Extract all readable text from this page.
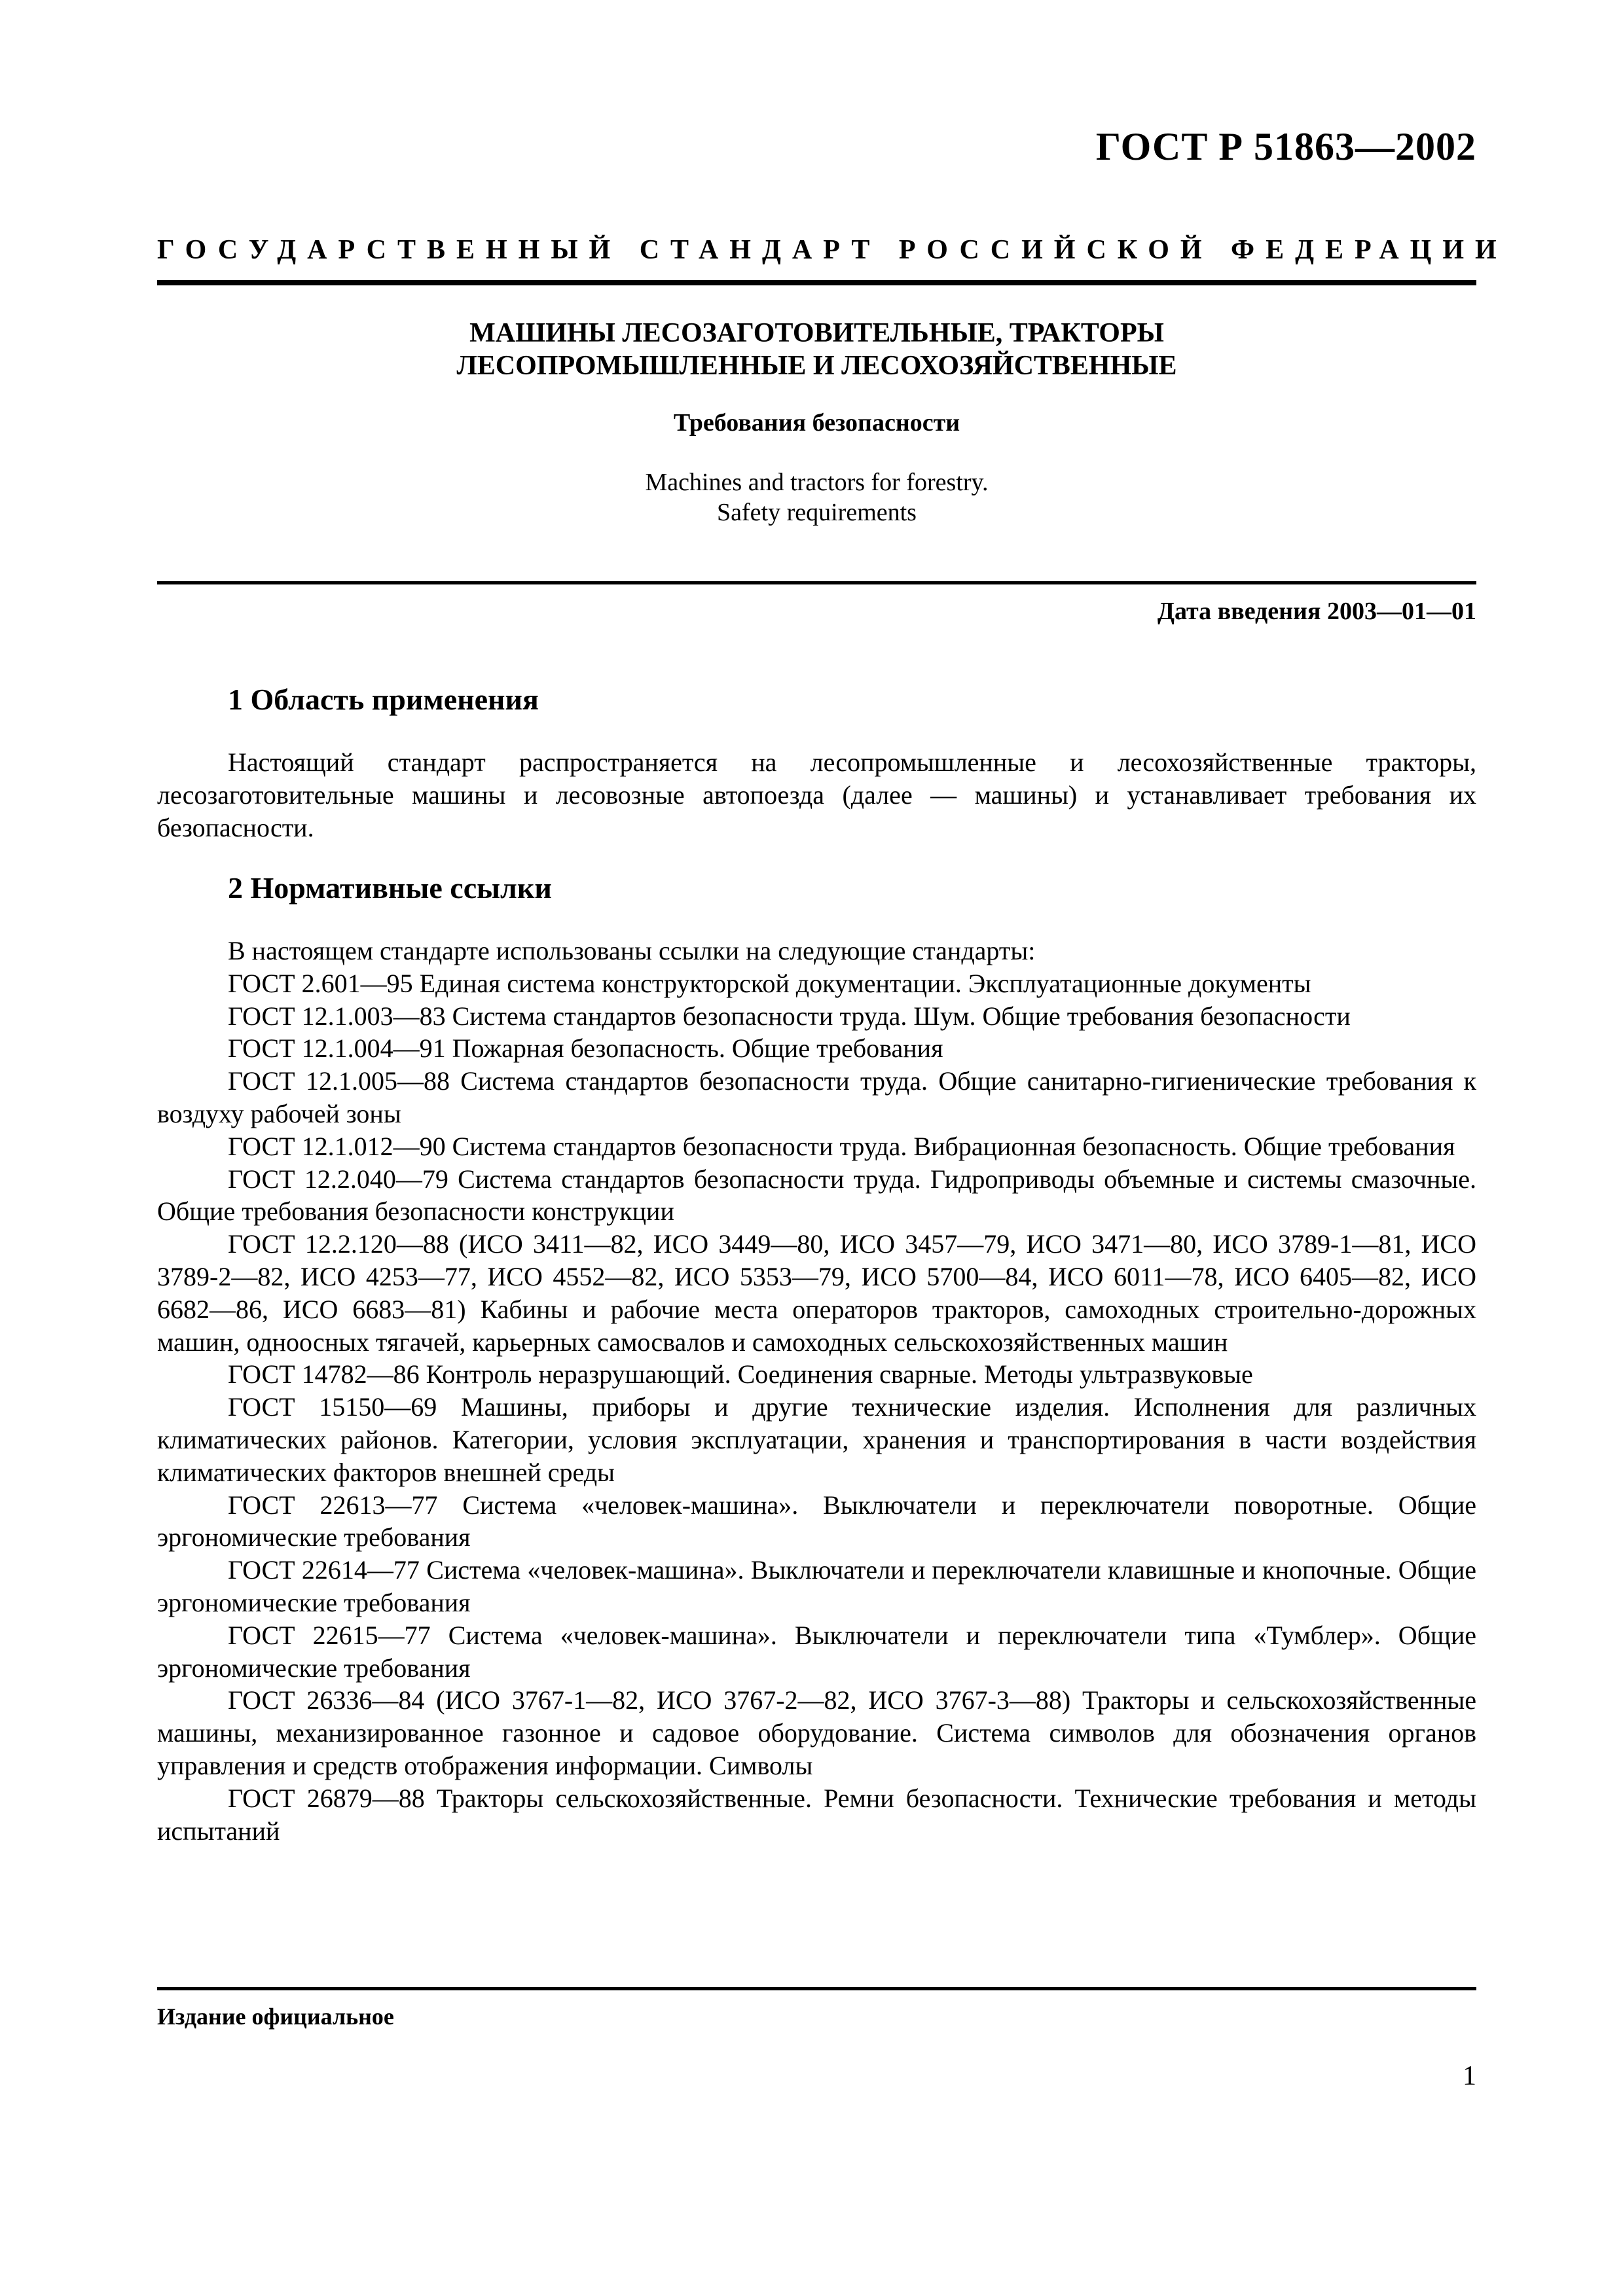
ГОСТ Р 51863—2002
ГОСУДАРСТВЕННЫЙ СТАНДАРТ РОССИЙСКОЙ ФЕДЕРАЦИИ
МАШИНЫ ЛЕСОЗАГОТОВИТЕЛЬНЫЕ, ТРАКТОРЫ
ЛЕСОПРОМЫШЛЕННЫЕ И ЛЕСОХОЗЯЙСТВЕННЫЕ
Требования безопасности
Machines and tractors for forestry.
Safety requirements
Дата введения 2003—01—01
1 Область применения
Настоящий стандарт распространяется на лесопромышленные и лесохозяйственные тракторы, лесозаготовительные машины и лесовозные автопоезда (далее — машины) и устанавливает требования их безопасности.
2 Нормативные ссылки

В настоящем стандарте использованы ссылки на следующие стандарты:

ГОСТ 2.601—95 Единая система конструкторской документации. Эксплуатационные документы

ГОСТ 12.1.003—83 Система стандартов безопасности труда. Шум. Общие требования безопасности

ГОСТ 12.1.004—91 Пожарная безопасность. Общие требования

ГОСТ 12.1.005—88 Система стандартов безопасности труда. Общие санитарно-гигиенические требования к воздуху рабочей зоны

ГОСТ 12.1.012—90 Система стандартов безопасности труда. Вибрационная безопасность. Общие требования

ГОСТ 12.2.040—79 Система стандартов безопасности труда. Гидроприводы объемные и системы смазочные. Общие требования безопасности конструкции

ГОСТ 12.2.120—88 (ИСО 3411—82, ИСО 3449—80, ИСО 3457—79, ИСО 3471—80, ИСО 3789-1—81, ИСО 3789-2—82, ИСО 4253—77, ИСО 4552—82, ИСО 5353—79, ИСО 5700—84, ИСО 6011—78, ИСО 6405—82, ИСО 6682—86, ИСО 6683—81) Кабины и рабочие места операторов тракторов, самоходных строительно-дорожных машин, одноосных тягачей, карьерных самосвалов и самоходных сельскохозяйственных машин

ГОСТ 14782—86 Контроль неразрушающий. Соединения сварные. Методы ультразвуковые

ГОСТ 15150—69 Машины, приборы и другие технические изделия. Исполнения для различных климатических районов. Категории, условия эксплуатации, хранения и транспортирования в части воздействия климатических факторов внешней среды

ГОСТ 22613—77 Система «человек-машина». Выключатели и переключатели поворотные. Общие эргономические требования

ГОСТ 22614—77 Система «человек-машина». Выключатели и переключатели клавишные и кнопочные. Общие эргономические требования

ГОСТ 22615—77 Система «человек-машина». Выключатели и переключатели типа «Тумблер». Общие эргономические требования

ГОСТ 26336—84 (ИСО 3767-1—82, ИСО 3767-2—82, ИСО 3767-3—88) Тракторы и сельскохозяйственные машины, механизированное газонное и садовое оборудование. Система символов для обозначения органов управления и средств отображения информации. Символы

ГОСТ 26879—88 Тракторы сельскохозяйственные. Ремни безопасности. Технические требования и методы испытаний

Издание официальное
1
